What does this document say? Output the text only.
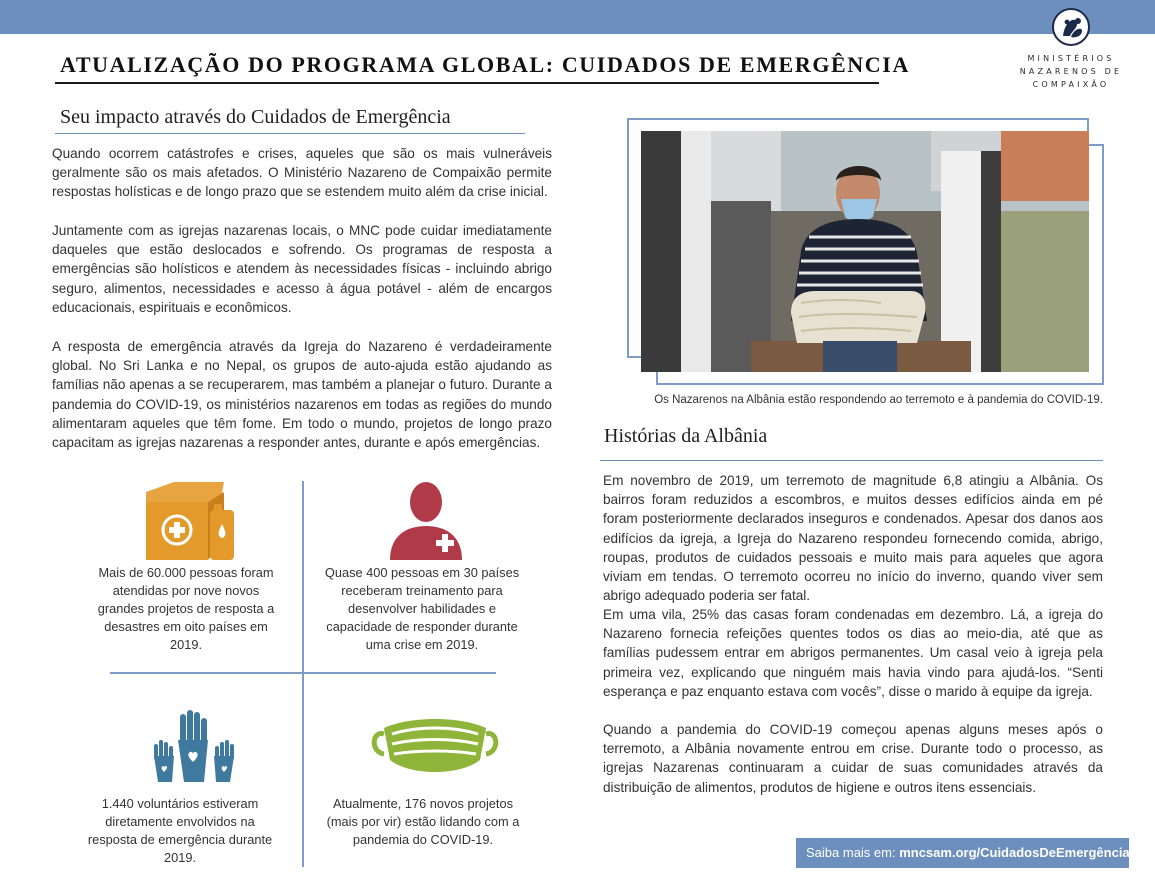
MINISTÉRIOS
NAZARENOS DE
COMPAIXÃO
ATUALIZAÇÃO DO PROGRAMA GLOBAL: CUIDADOS DE EMERGÊNCIA
Seu impacto através do Cuidados de Emergência

Quando ocorrem catástrofes e crises, aqueles que são os mais vulneráveis geralmente são os mais afetados. O Ministério Nazareno de Compaixão permite respostas holísticas e de longo prazo que se estendem muito além da crise inicial.

Juntamente com as igrejas nazarenas locais, o MNC pode cuidar imediatamente daqueles que estão deslocados e sofrendo. Os programas de resposta a emergências são holísticos e atendem às necessidades físicas - incluindo abrigo seguro, alimentos, necessidades e acesso à água potável - além de encargos educacionais, espirituais e econômicos.

A resposta de emergência através da Igreja do Nazareno é verdadeiramente global. No Sri Lanka e no Nepal, os grupos de auto-ajuda estão ajudando as famílias não apenas a se recuperarem, mas também a planejar o futuro. Durante a pandemia do COVID-19, os ministérios nazarenos em todas as regiões do mundo alimentaram aqueles que têm fome. Em todo o mundo, projetos de longo prazo capacitam as igrejas nazarenas a responder antes, durante e após emergências.

Mais de 60.000 pessoas foram atendidas por nove novos grandes projetos de resposta a desastres em oito países em 2019.
Quase 400 pessoas em 30 países receberam treinamento para desenvolver habilidades e capacidade de responder durante uma crise em 2019.
1.440 voluntários estiveram diretamente envolvidos na resposta de emergência durante 2019.
Atualmente, 176 novos projetos (mais por vir) estão lidando com a pandemia do COVID-19.
Os Nazarenos na Albânia estão respondendo ao terremoto e à pandemia do COVID-19.
Histórias da Albânia

Em novembro de 2019, um terremoto de magnitude 6,8 atingiu a Albânia. Os bairros foram reduzidos a escombros, e muitos desses edifícios ainda em pé foram posteriormente declarados inseguros e condenados. Apesar dos danos aos edifícios da igreja, a Igreja do Nazareno respondeu fornecendo comida, abrigo, roupas, produtos de cuidados pessoais e muito mais para aqueles que agora viviam em tendas. O terremoto ocorreu no início do inverno, quando viver sem abrigo adequado poderia ser fatal.

Em uma vila, 25% das casas foram condenadas em dezembro. Lá, a igreja do Nazareno fornecia refeições quentes todos os dias ao meio-dia, até que as famílias pudessem entrar em abrigos permanentes. Um casal veio à igreja pela primeira vez, explicando que ninguém mais havia vindo para ajudá-los. “Senti esperança e paz enquanto estava com vocês”, disse o marido à equipe da igreja.

Quando a pandemia do COVID-19 começou apenas alguns meses após o terremoto, a Albânia novamente entrou em crise. Durante todo o processo, as igrejas Nazarenas continuaram a cuidar de suas comunidades através da distribuição de alimentos, produtos de higiene e outros itens essenciais.

Saiba mais em: mncsam.org/CuidadosDeEmergência
